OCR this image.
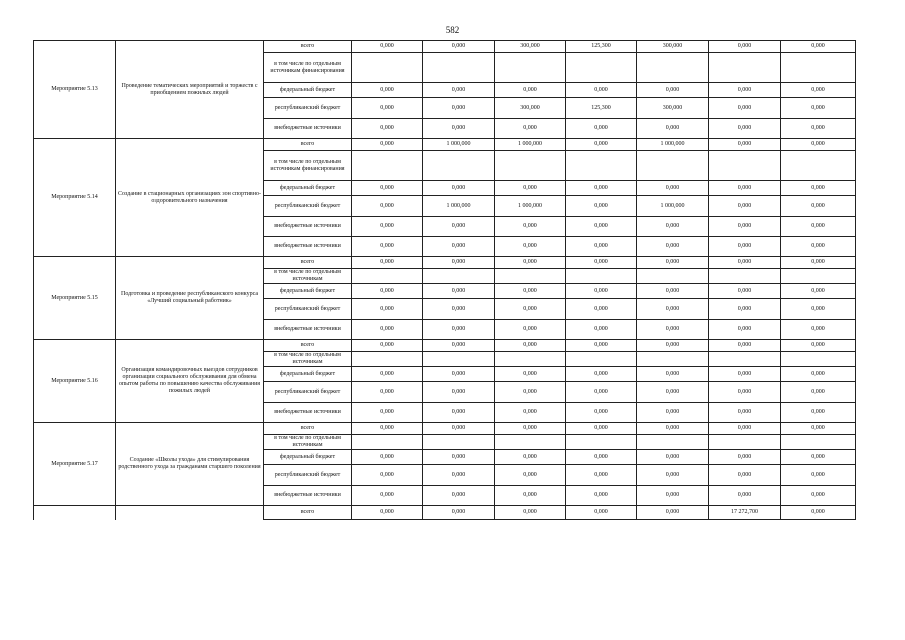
582
Мероприятие 5.13	Проведение тематических мероприятий и торжеств с приобщением пожилых людей	всего	0,000	0,000	300,000	125,300	300,000	0,000	0,000
		в том числе по отдельным источникам финансирования							
		федеральный бюджет	0,000	0,000	0,000	0,000	0,000	0,000	0,000
		республиканский бюджет	0,000	0,000	300,000	125,300	300,000	0,000	0,000
		внебюджетные источники	0,000	0,000	0,000	0,000	0,000	0,000	0,000
Мероприятие 5.14	Создание в стационарных организациях зон спортивно-оздоровительного назначения	всего	0,000	1 000,000	1 000,000	0,000	1 000,000	0,000	0,000
		в том числе по отдельным источникам финансирования							
		федеральный бюджет	0,000	0,000	0,000	0,000	0,000	0,000	0,000
		республиканский бюджет	0,000	1 000,000	1 000,000	0,000	1 000,000	0,000	0,000
		внебюджетные источники	0,000	0,000	0,000	0,000	0,000	0,000	0,000
		внебюджетные источники	0,000	0,000	0,000	0,000	0,000	0,000	0,000
Мероприятие 5.15	Подготовка и проведение республиканского конкурса «Лучший социальный работник»	всего	0,000	0,000	0,000	0,000	0,000	0,000	0,000
		в том числе по отдельным источникам							
		федеральный бюджет	0,000	0,000	0,000	0,000	0,000	0,000	0,000
		республиканский бюджет	0,000	0,000	0,000	0,000	0,000	0,000	0,000
		внебюджетные источники	0,000	0,000	0,000	0,000	0,000	0,000	0,000
Мероприятие 5.16	Организация командировочных выездов сотрудников организации социального обслуживания для обмена опытом работы по повышению качества обслуживания пожилых людей	всего	0,000	0,000	0,000	0,000	0,000	0,000	0,000
		в том числе по отдельным источникам							
		федеральный бюджет	0,000	0,000	0,000	0,000	0,000	0,000	0,000
		республиканский бюджет	0,000	0,000	0,000	0,000	0,000	0,000	0,000
		внебюджетные источники	0,000	0,000	0,000	0,000	0,000	0,000	0,000
Мероприятие 5.17	Создание «Школы ухода» для стимулирования родственного ухода за гражданами старшего поколения	всего	0,000	0,000	0,000	0,000	0,000	0,000	0,000
		в том числе по отдельным источникам							
		федеральный бюджет	0,000	0,000	0,000	0,000	0,000	0,000	0,000
		республиканский бюджет	0,000	0,000	0,000	0,000	0,000	0,000	0,000
		внебюджетные источники	0,000	0,000	0,000	0,000	0,000	0,000	0,000
		всего	0,000	0,000	0,000	0,000	0,000	17 272,700	0,000
